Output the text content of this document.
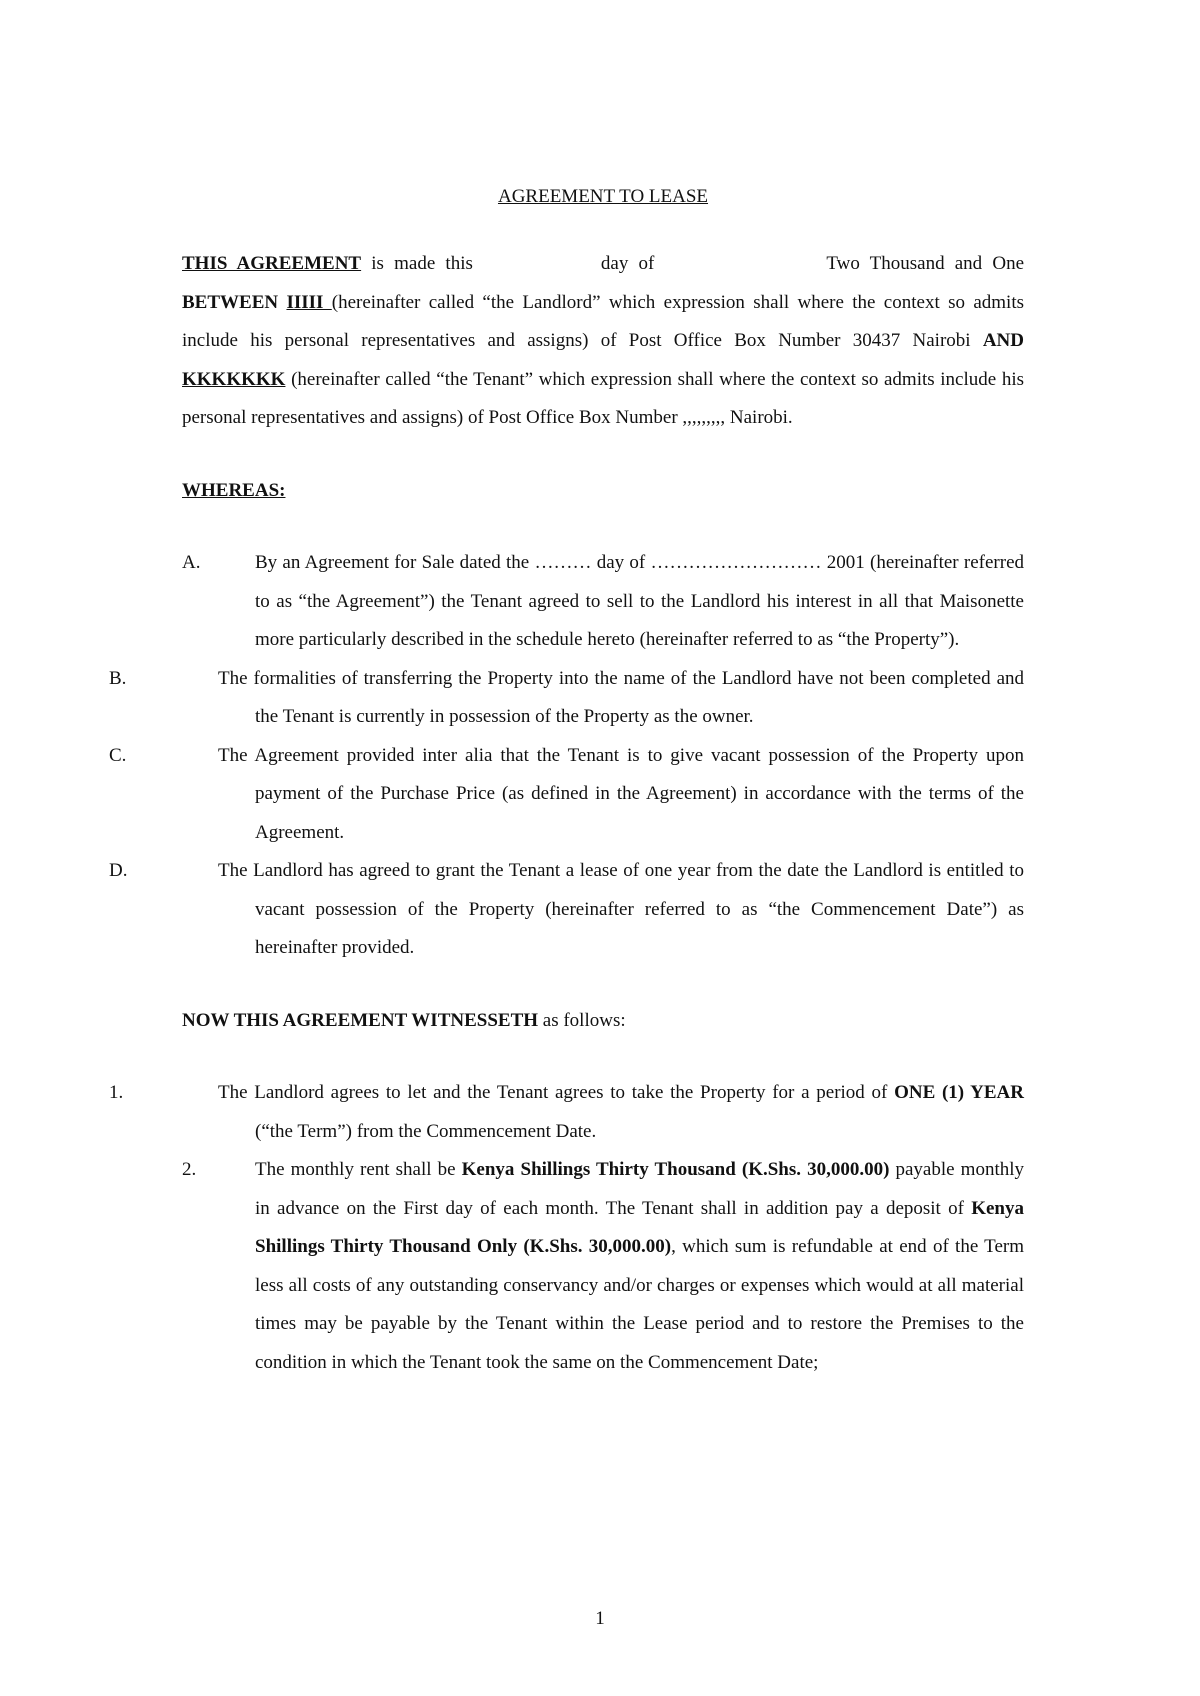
AGREEMENT TO LEASE

THIS AGREEMENT is made this	day of	Two Thousand and One BETWEEN IIIII (hereinafter called “the Landlord” which expression shall where the context so admits include his personal representatives and assigns) of Post Office Box Number 30437 Nairobi AND KKKKKKK (hereinafter called “the Tenant” which expression shall where the context so admits include his personal representatives and assigns) of Post Office Box Number ,,,,,,,,, Nairobi.

WHEREAS:

A.	By an Agreement for Sale dated the ……… day of ……………………… 2001 (hereinafter referred to as “the Agreement”) the Tenant agreed to sell to the Landlord his interest in all that Maisonette more particularly described in the schedule hereto (hereinafter referred to as “the Property”).
B.	The formalities of transferring the Property into the name of the Landlord have not been completed and the Tenant is currently in possession of the Property as the owner.
C.	The Agreement provided inter alia that the Tenant is to give vacant possession of the Property upon payment of the Purchase Price (as defined in the Agreement) in accordance with the terms of the Agreement.
D.	The Landlord has agreed to grant the Tenant a lease of one year from the date the Landlord is entitled to vacant possession of the Property (hereinafter referred to as “the Commencement Date”) as hereinafter provided.

NOW THIS AGREEMENT WITNESSETH as follows:

1.	The Landlord agrees to let and the Tenant agrees to take the Property for a period of ONE (1) YEAR (“the Term”) from the Commencement Date.
2.	The monthly rent shall be Kenya Shillings Thirty Thousand (K.Shs. 30,000.00) payable monthly in advance on the First day of each month. The Tenant shall in addition pay a deposit of Kenya Shillings Thirty Thousand Only (K.Shs. 30,000.00), which sum is refundable at end of the Term less all costs of any outstanding conservancy and/or charges or expenses which would at all material times may be payable by the Tenant within the Lease period and to restore the Premises to the condition in which the Tenant took the same on the Commencement Date;
1
